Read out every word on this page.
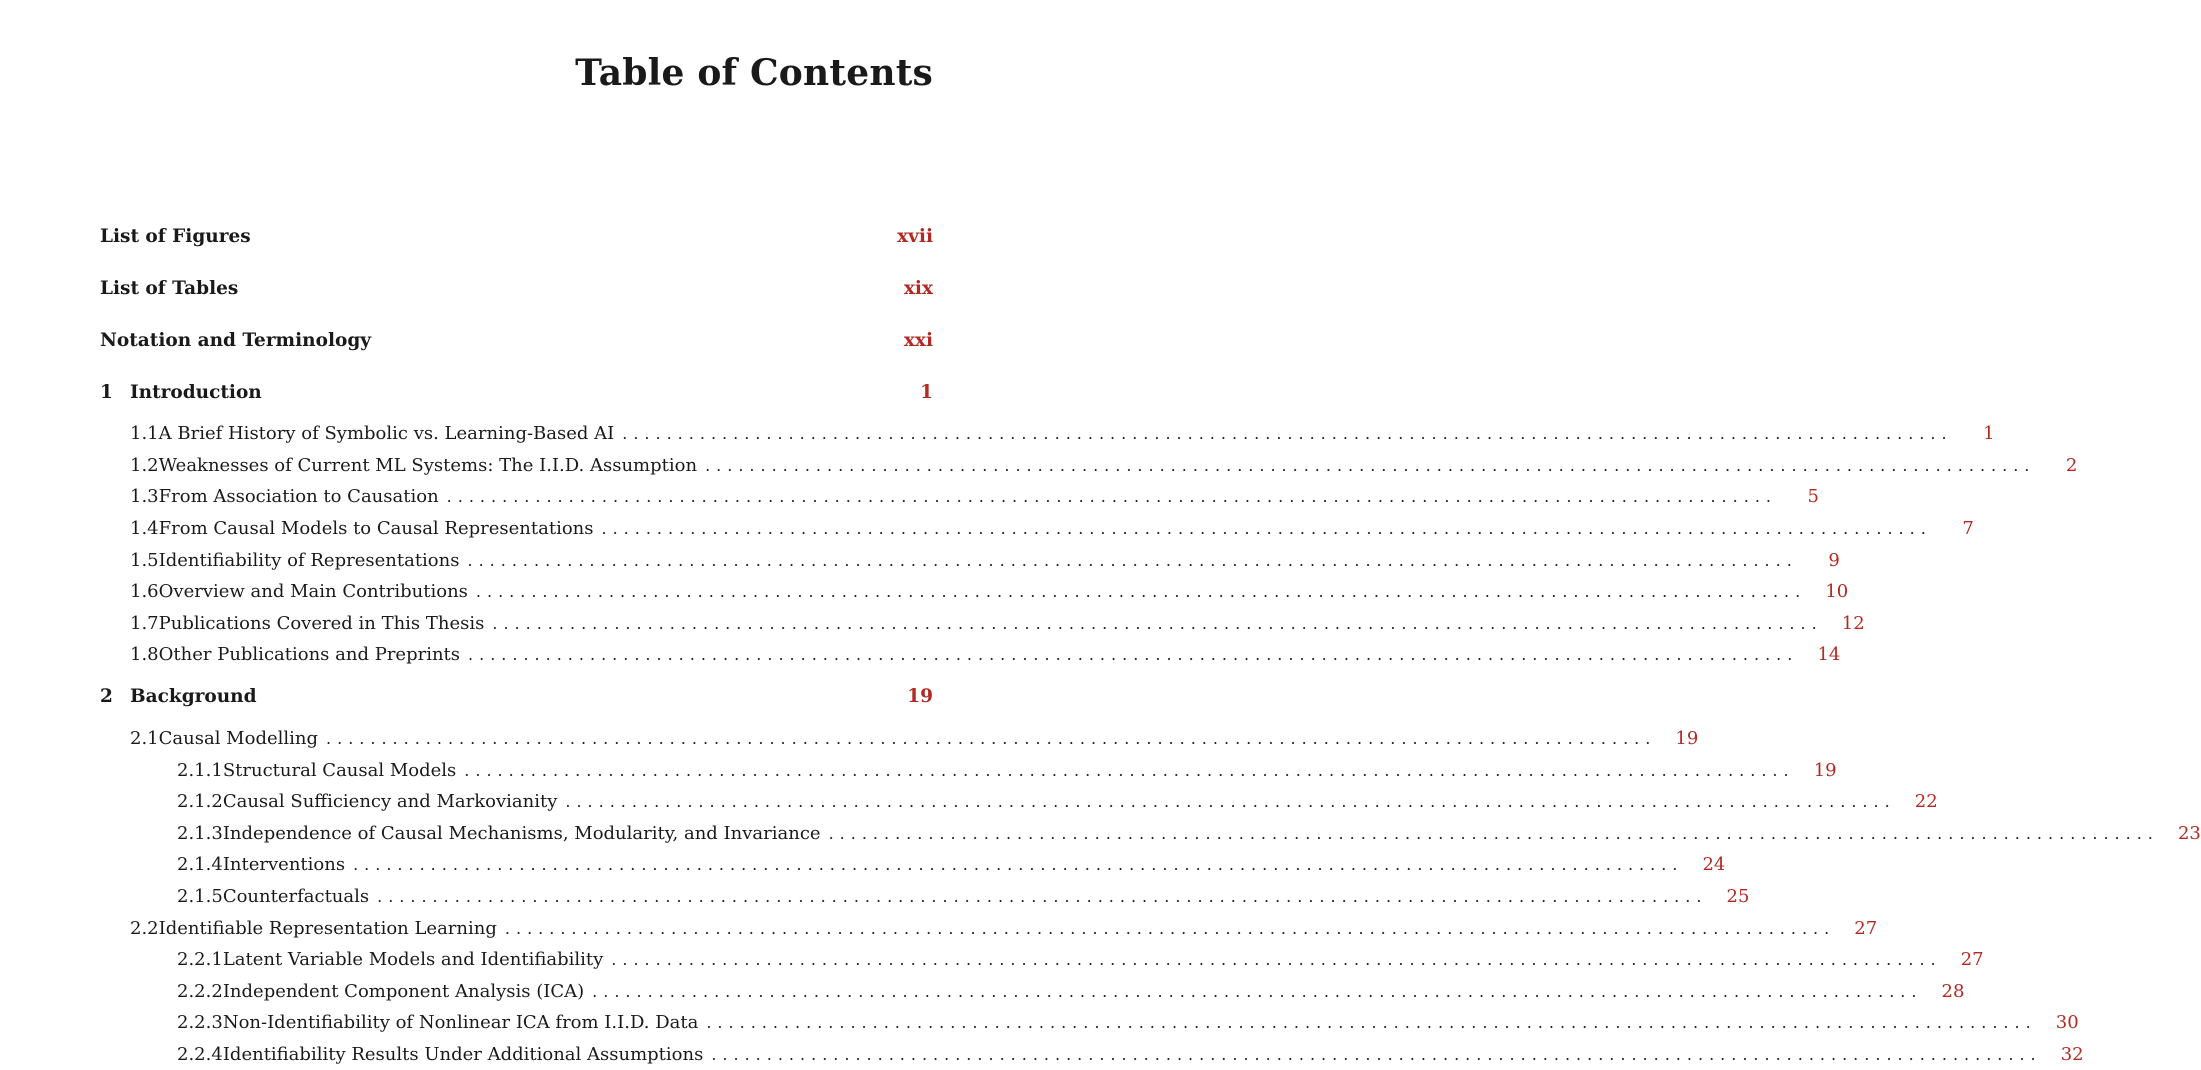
Table of Contents
List of Figures	xvii
List of Tables	xix
Notation and Terminology	xxi
1 Introduction	1
1.1 A Brief History of Symbolic vs. Learning-Based AI ........................................................................................................................	1
1.2 Weaknesses of Current ML Systems: The I.I.D. Assumption ........................................................................................................................	2
1.3 From Association to Causation ........................................................................................................................	5
1.4 From Causal Models to Causal Representations ........................................................................................................................	7
1.5 Identifiability of Representations ........................................................................................................................	9
1.6 Overview and Main Contributions ........................................................................................................................	10
1.7 Publications Covered in This Thesis ........................................................................................................................	12
1.8 Other Publications and Preprints ........................................................................................................................	14
2 Background	19
2.1 Causal Modelling ........................................................................................................................	19
2.1.1 Structural Causal Models ........................................................................................................................	19
2.1.2 Causal Sufficiency and Markovianity ........................................................................................................................	22
2.1.3 Independence of Causal Mechanisms, Modularity, and Invariance ........................................................................................................................	23
2.1.4 Interventions ........................................................................................................................	24
2.1.5 Counterfactuals ........................................................................................................................	25
2.2 Identifiable Representation Learning ........................................................................................................................	27
2.2.1 Latent Variable Models and Identifiability ........................................................................................................................	27
2.2.2 Independent Component Analysis (ICA) ........................................................................................................................	28
2.2.3 Non-Identifiability of Nonlinear ICA from I.I.D. Data ........................................................................................................................	30
2.2.4 Identifiability Results Under Additional Assumptions ........................................................................................................................	32
